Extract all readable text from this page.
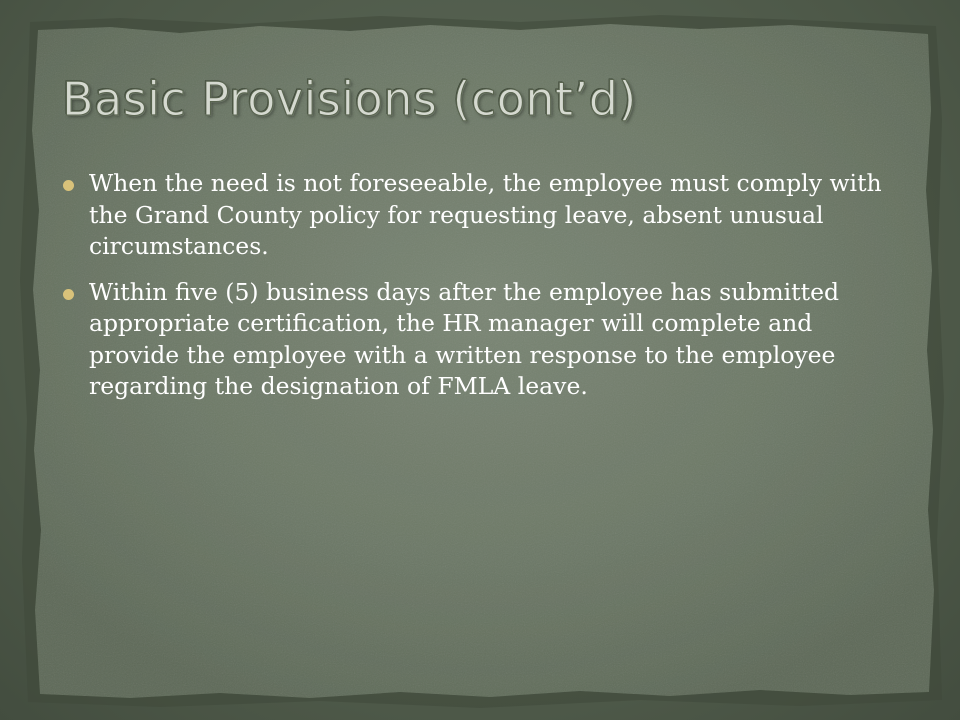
Basic Provisions (cont’d)
When the need is not foreseeable, the employee must comply with the Grand County policy for requesting leave, absent unusual circumstances.
Within five (5) business days after the employee has submitted appropriate certification, the HR manager will complete and provide the employee with a written response to the employee regarding the designation of FMLA leave.
